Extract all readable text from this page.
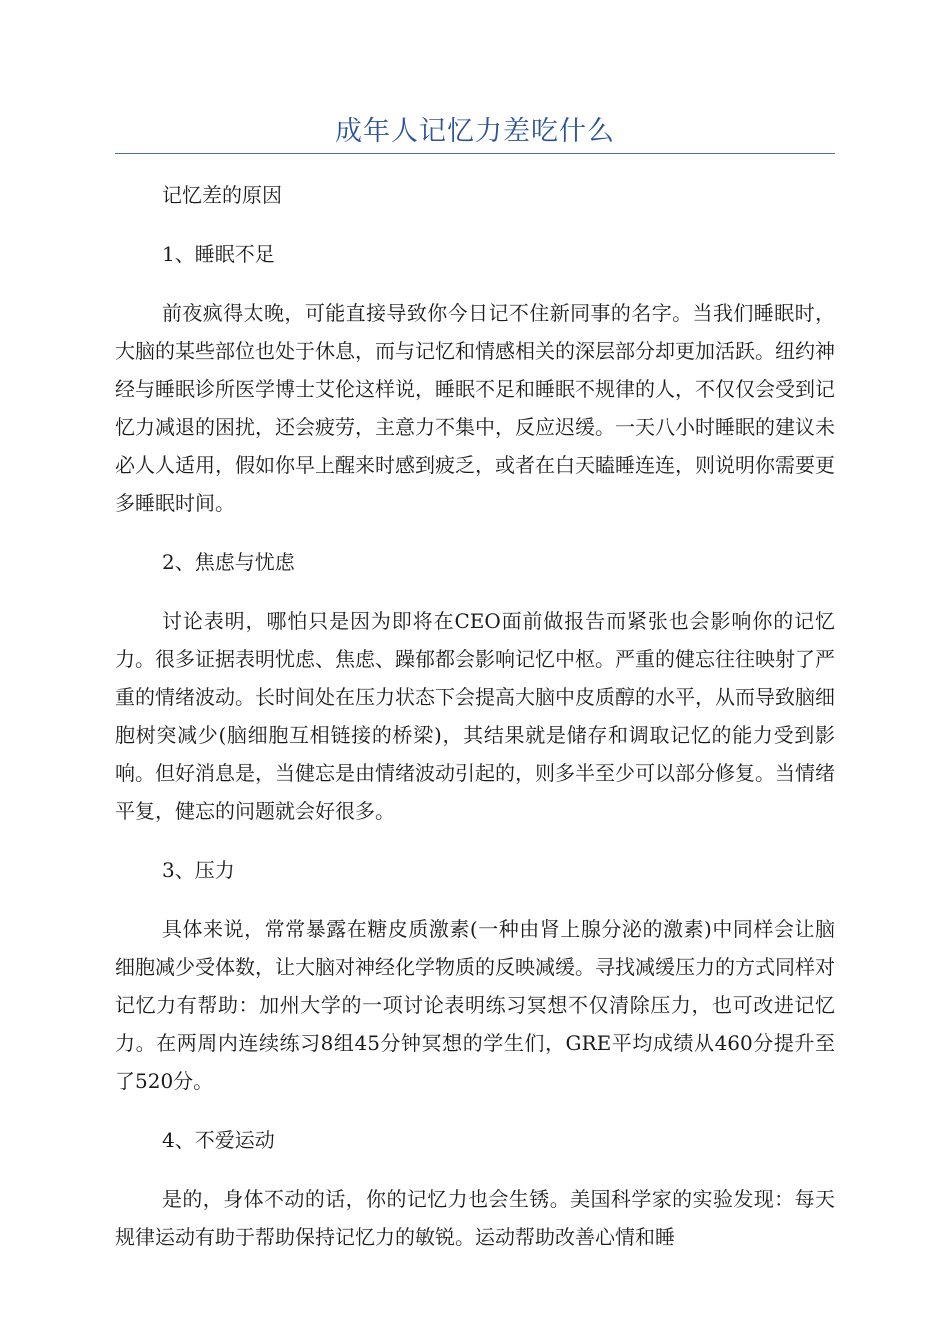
成年人记忆力差吃什么

记忆差的原因

1、睡眠不足

前夜疯得太晚，可能直接导致你今日记不住新同事的名字。当我们睡眠时，大脑的某些部位也处于休息，而与记忆和情感相关的深层部分却更加活跃。纽约神经与睡眠诊所医学博士艾伦这样说，睡眠不足和睡眠不规律的人，不仅仅会受到记忆力减退的困扰，还会疲劳，主意力不集中，反应迟缓。一天八小时睡眠的建议未必人人适用，假如你早上醒来时感到疲乏，或者在白天瞌睡连连，则说明你需要更多睡眠时间。

2、焦虑与忧虑

讨论表明，哪怕只是因为即将在CEO面前做报告而紧张也会影响你的记忆力。很多证据表明忧虑、焦虑、躁郁都会影响记忆中枢。严重的健忘往往映射了严重的情绪波动。长时间处在压力状态下会提高大脑中皮质醇的水平，从而导致脑细胞树突减少(脑细胞互相链接的桥梁)，其结果就是储存和调取记忆的能力受到影响。但好消息是，当健忘是由情绪波动引起的，则多半至少可以部分修复。当情绪平复，健忘的问题就会好很多。

3、压力

具体来说，常常暴露在糖皮质激素(一种由肾上腺分泌的激素)中同样会让脑细胞减少受体数，让大脑对神经化学物质的反映减缓。寻找减缓压力的方式同样对记忆力有帮助：加州大学的一项讨论表明练习冥想不仅清除压力，也可改进记忆力。在两周内连续练习8组45分钟冥想的学生们，GRE平均成绩从460分提升至了520分。

4、不爱运动

是的，身体不动的话，你的记忆力也会生锈。美国科学家的实验发现：每天规律运动有助于帮助保持记忆力的敏锐。运动帮助改善心情和睡
